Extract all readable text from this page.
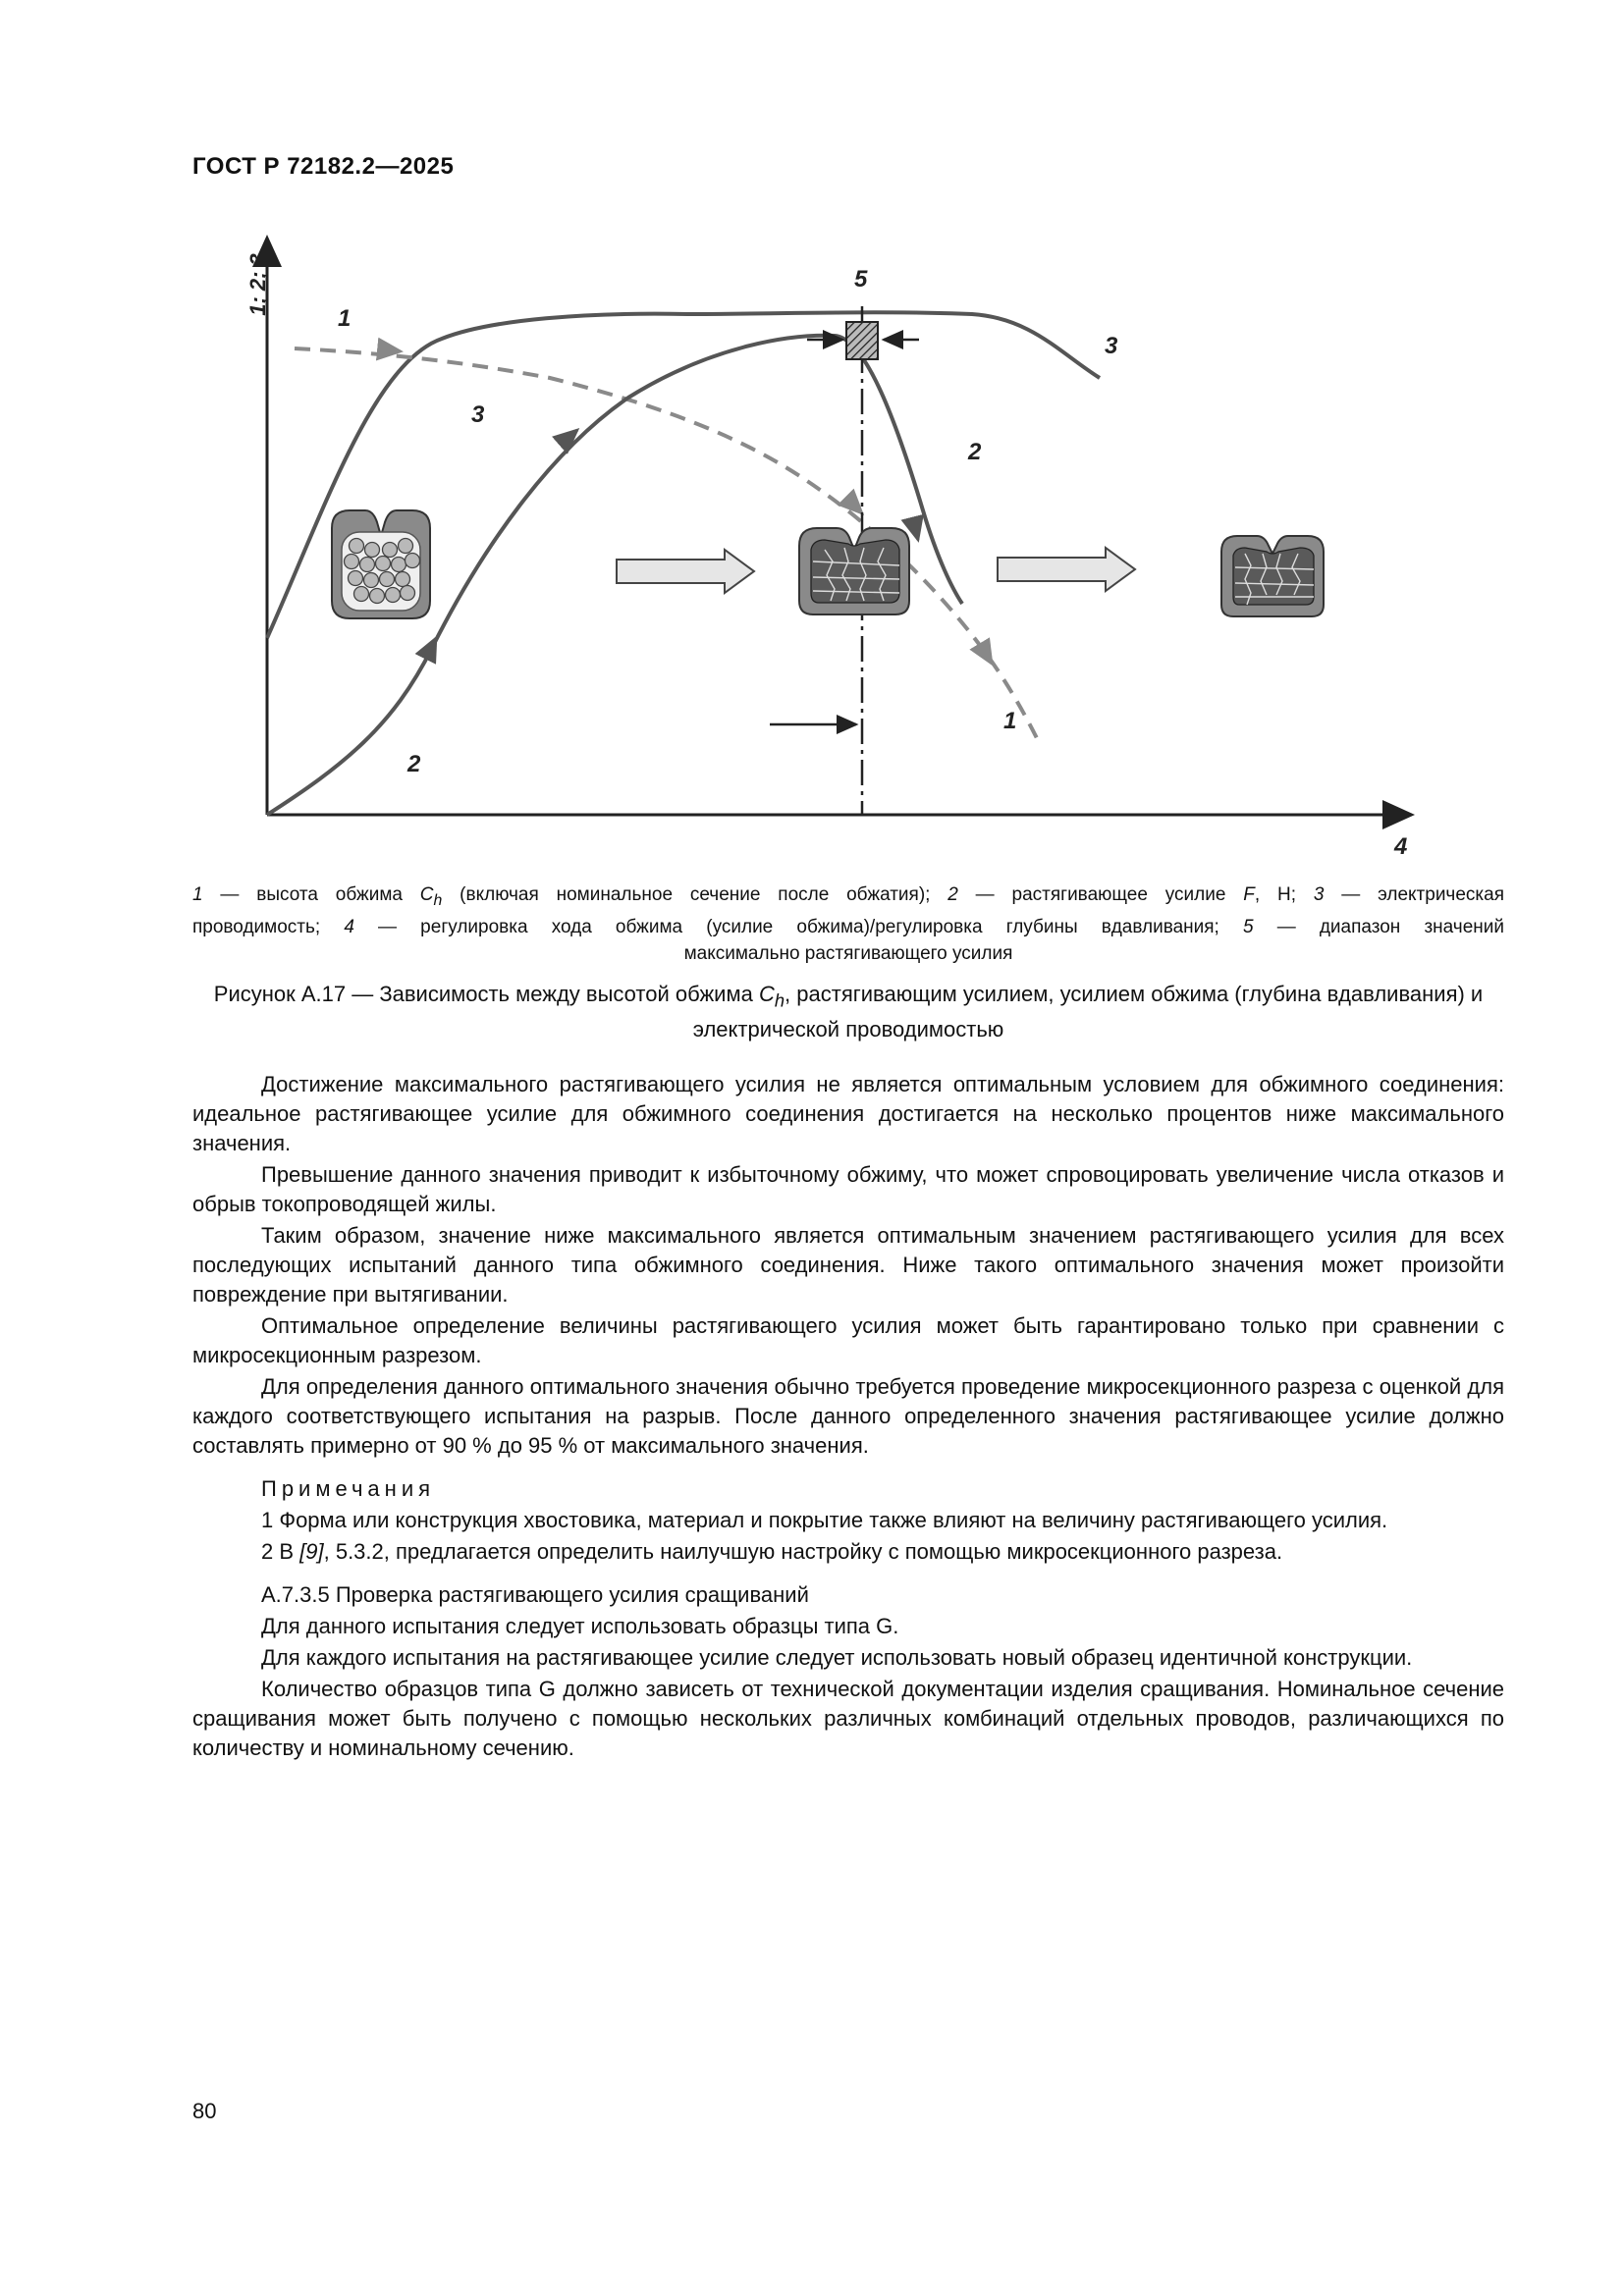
ГОСТ Р 72182.2—2025
1; 2; 3
4
1
3
3
2
1
2
5
1 — высота обжима $C_h$ (включая номинальное сечение после обжатия); 2 — растягивающее усилие F, Н; 3 — электрическая
проводимость; 4 — регулировка хода обжима (усилие обжима)/регулировка глубины вдавливания; 5 — диапазон значений
максимально растягивающего усилия
Рисунок А.17 — Зависимость между высотой обжима $C_h$, растягивающим усилием, усилием обжима (глубина вдавливания) и электрической проводимостью

Достижение максимального растягивающего усилия не является оптимальным условием для обжимного соединения: идеальное растягивающее усилие для обжимного соединения достигается на несколько процентов ниже максимального значения.

Превышение данного значения приводит к избыточному обжиму, что может спровоцировать увеличение числа отказов и обрыв токопроводящей жилы.

Таким образом, значение ниже максимального является оптимальным значением растягивающего усилия для всех последующих испытаний данного типа обжимного соединения. Ниже такого оптимального значения может произойти повреждение при вытягивании.

Оптимальное определение величины растягивающего усилия может быть гарантировано только при сравнении с микросекционным разрезом.

Для определения данного оптимального значения обычно требуется проведение микросекционного разреза с оценкой для каждого соответствующего испытания на разрыв. После данного определенного значения растягивающее усилие должно составлять примерно от 90 % до 95 % от максимального значения.

Примечания

1 Форма или конструкция хвостовика, материал и покрытие также влияют на величину растягивающего усилия.

2 В [9], 5.3.2, предлагается определить наилучшую настройку с помощью микросекционного разреза.

А.7.3.5 Проверка растягивающего усилия сращиваний

Для данного испытания следует использовать образцы типа G.

Для каждого испытания на растягивающее усилие следует использовать новый образец идентичной конструкции.

Количество образцов типа G должно зависеть от технической документации изделия сращивания. Номинальное сечение сращивания может быть получено с помощью нескольких различных комбинаций отдельных проводов, различающихся по количеству и номинальному сечению.

80
